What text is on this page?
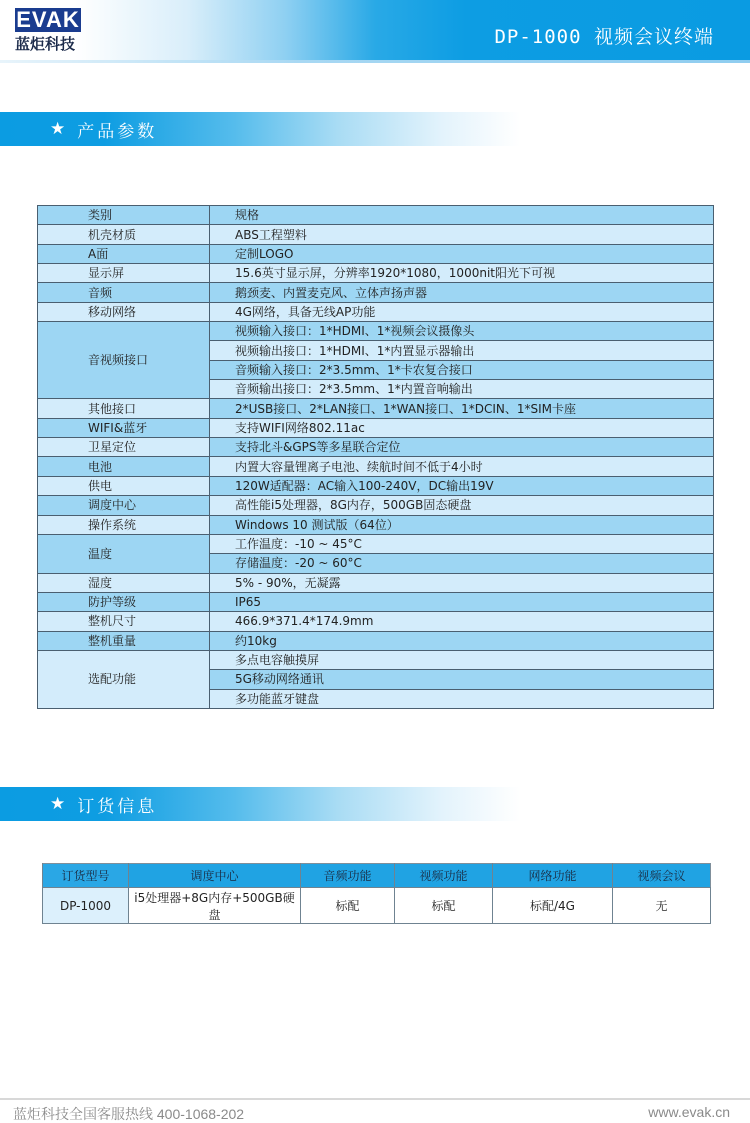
EVAK
蓝炬科技	DP-1000 视频会议终端
★ 产品参数
类别	规格
机壳材质	ABS工程塑料
A面	定制LOGO
显示屏	15.6英寸显示屏，分辨率1920*1080，1000nit阳光下可视
音频	鹅颈麦、内置麦克风、立体声扬声器
移动网络	4G网络，具备无线AP功能
音视频接口	视频输入接口：1*HDMI、1*视频会议摄像头
	视频输出接口：1*HDMI、1*内置显示器输出
	音频输入接口：2*3.5mm、1*卡农复合接口
	音频输出接口：2*3.5mm、1*内置音响输出
其他接口	2*USB接口、2*LAN接口、1*WAN接口、1*DCIN、1*SIM卡座
WIFI&蓝牙	支持WIFI网络802.11ac
卫星定位	支持北斗&GPS等多星联合定位
电池	内置大容量锂离子电池、续航时间不低于4小时
供电	120W适配器：AC输入100-240V，DC输出19V
调度中心	高性能i5处理器，8G内存，500GB固态硬盘
操作系统	Windows 10 测试版（64位）
温度	工作温度：-10 ~ 45°C
	存储温度：-20 ~ 60°C
湿度	5% - 90%，无凝露
防护等级	IP65
整机尺寸	466.9*371.4*174.9mm
整机重量	约10kg
选配功能	多点电容触摸屏
	5G移动网络通讯
	多功能蓝牙键盘
★ 订货信息
订货型号	调度中心	音频功能	视频功能	网络功能	视频会议
DP-1000	i5处理器+8G内存+500GB硬盘	标配	标配	标配/4G	无
蓝炬科技全国客服热线 400-1068-202	www.evak.cn
